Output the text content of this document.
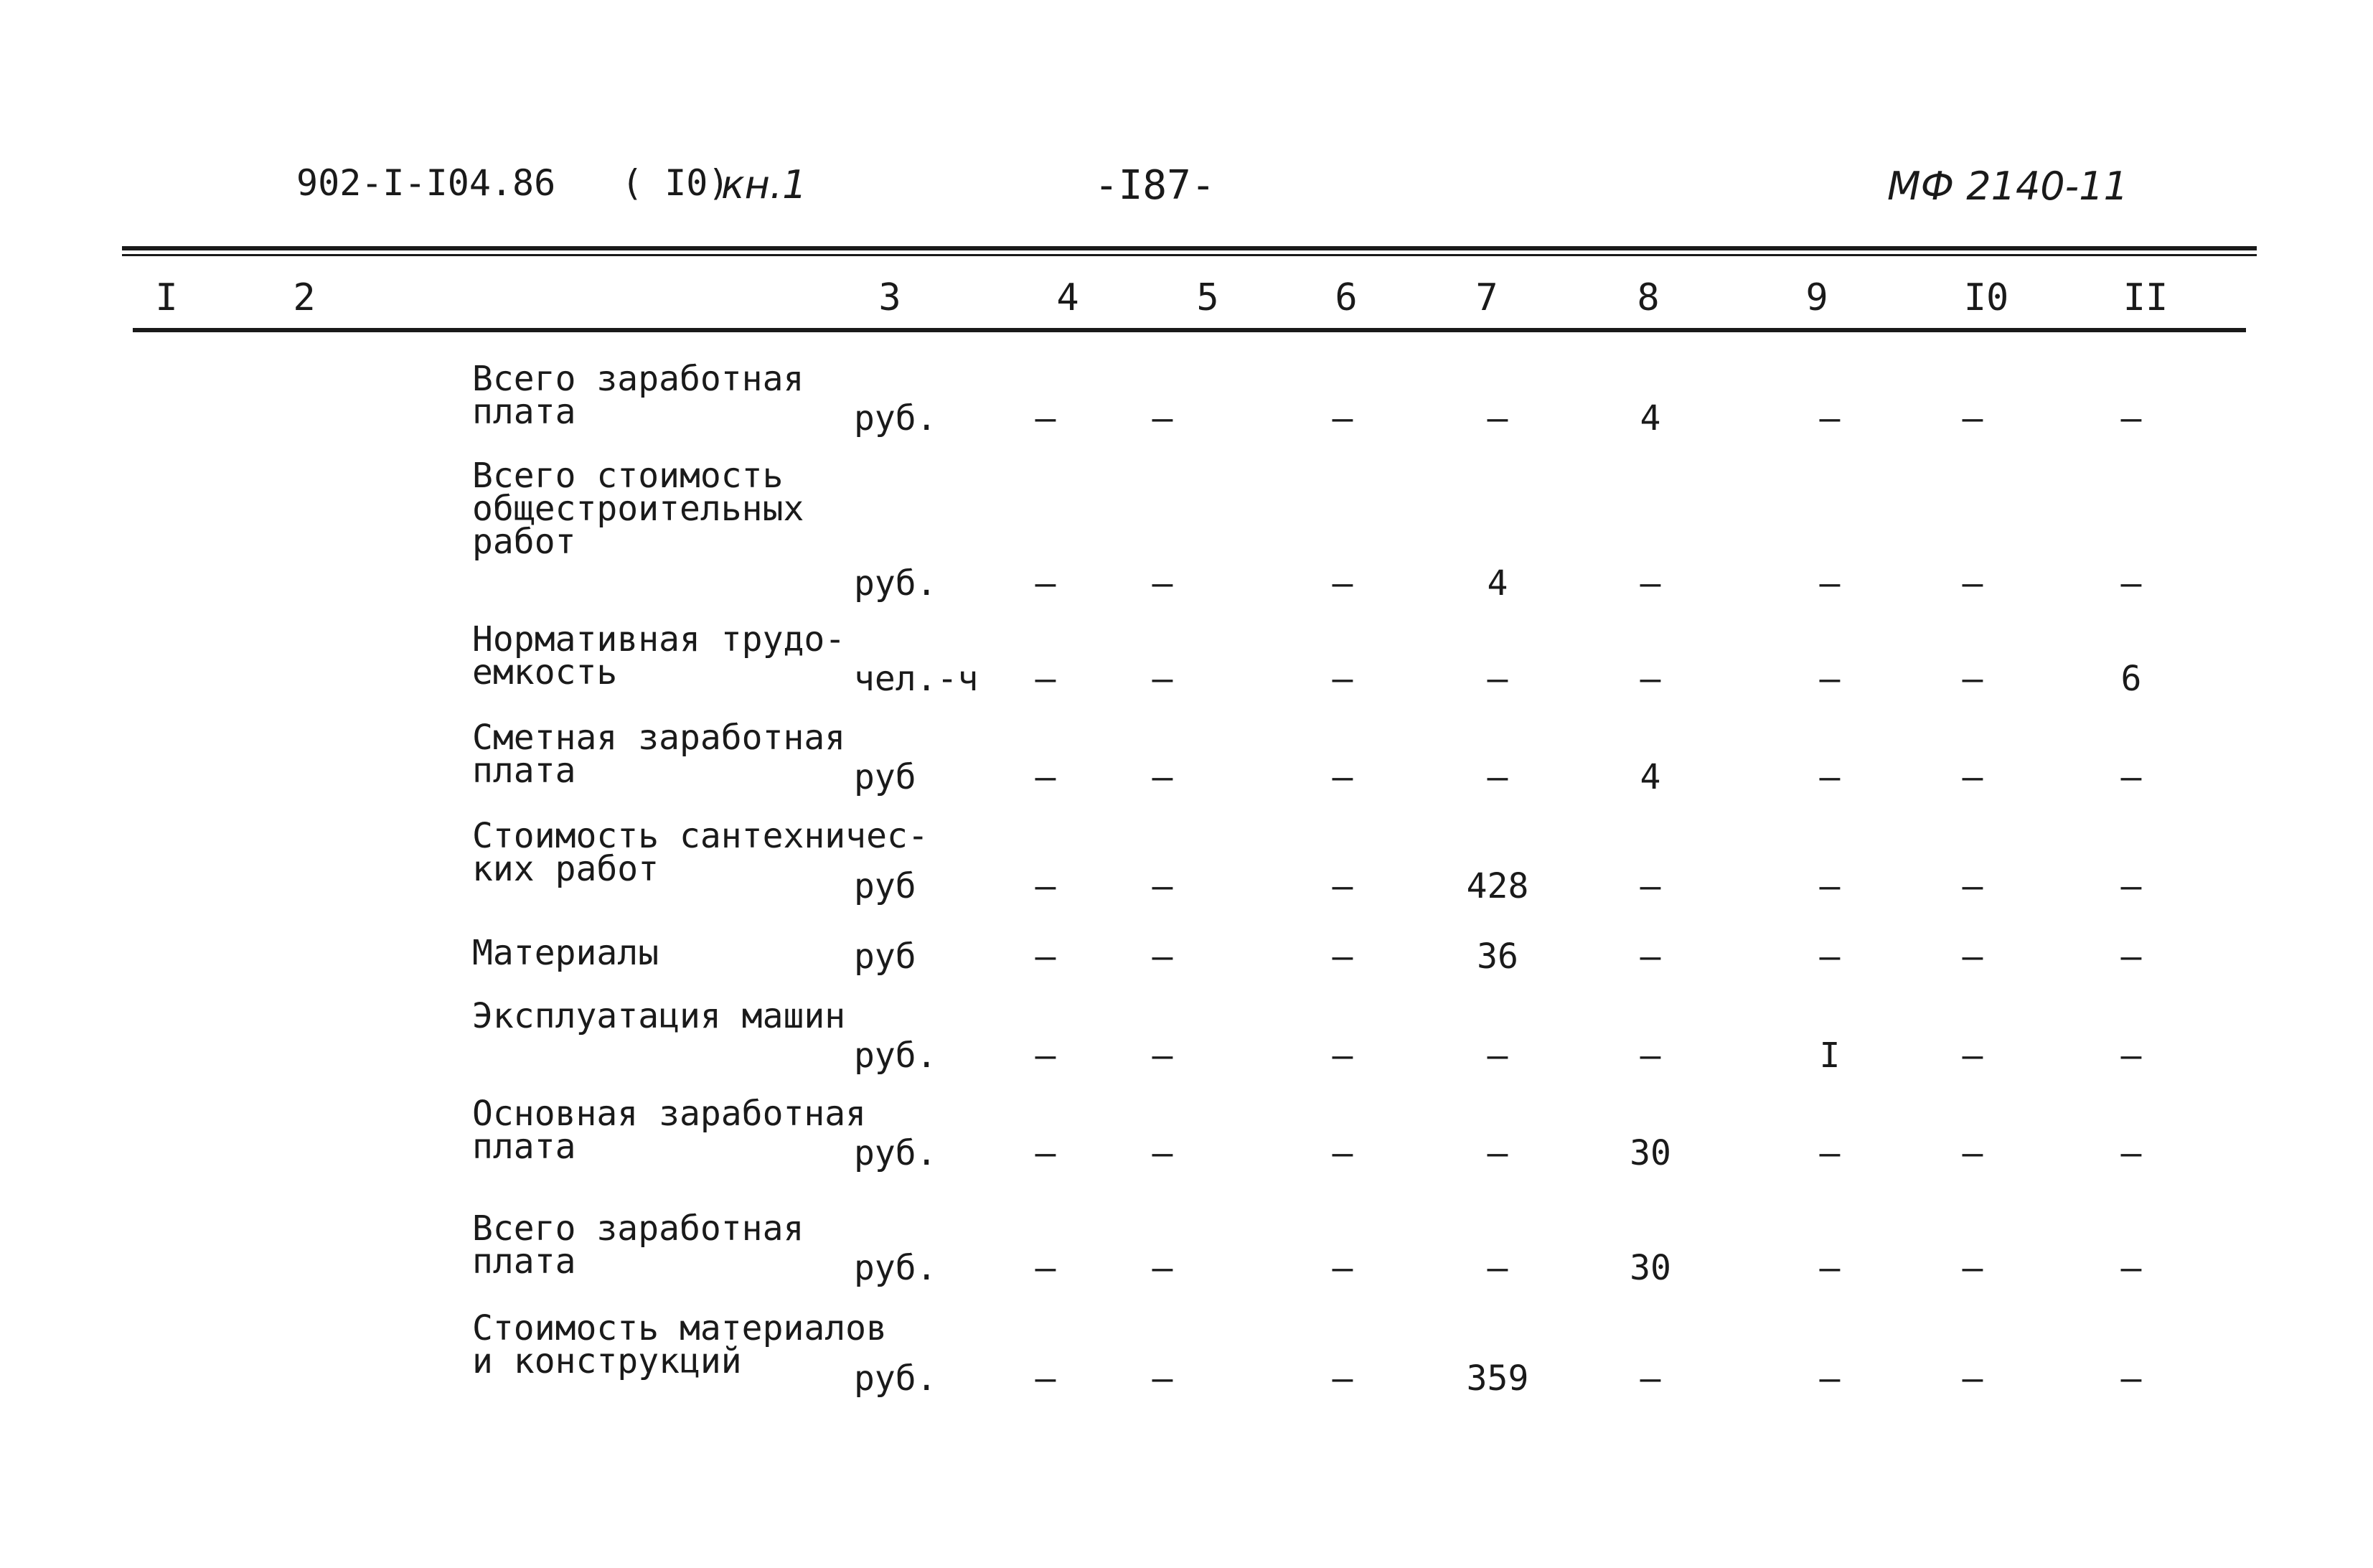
902-I-I04.86 ( I0)
кн.1	-I87-	МФ 2140-11
I	2	3	4	5	6	7	8	9	I0	II
Всего заработная
плата	руб.	–	–	–	–	4	–	–	–
Всего стоимость
общестроительных
работ
руб.	–	–	–	4	–	–	–	–
Нормативная трудо-
емкость	чел.-ч –	–	–	–	–	–	–	6
Сметная заработная
плата	руб	–	–	–	–	4	–	–	–
Стоимость сантехничес-
ких работ	руб	–	–	–	428	–	–	–	–
Материалы	руб	–	–	–	36	–	–	–	–
Эксплуатация машин
руб.	–	–	–	–	–	I	–	–
Основная заработная
плата	руб.	–	–	–	–	30	–	–	–
Всего заработная
плата	руб.	–	–	–	–	30	–	–	–
Стоимость материалов
и конструкций	руб.	–	–	–	359	–	–	–	–
